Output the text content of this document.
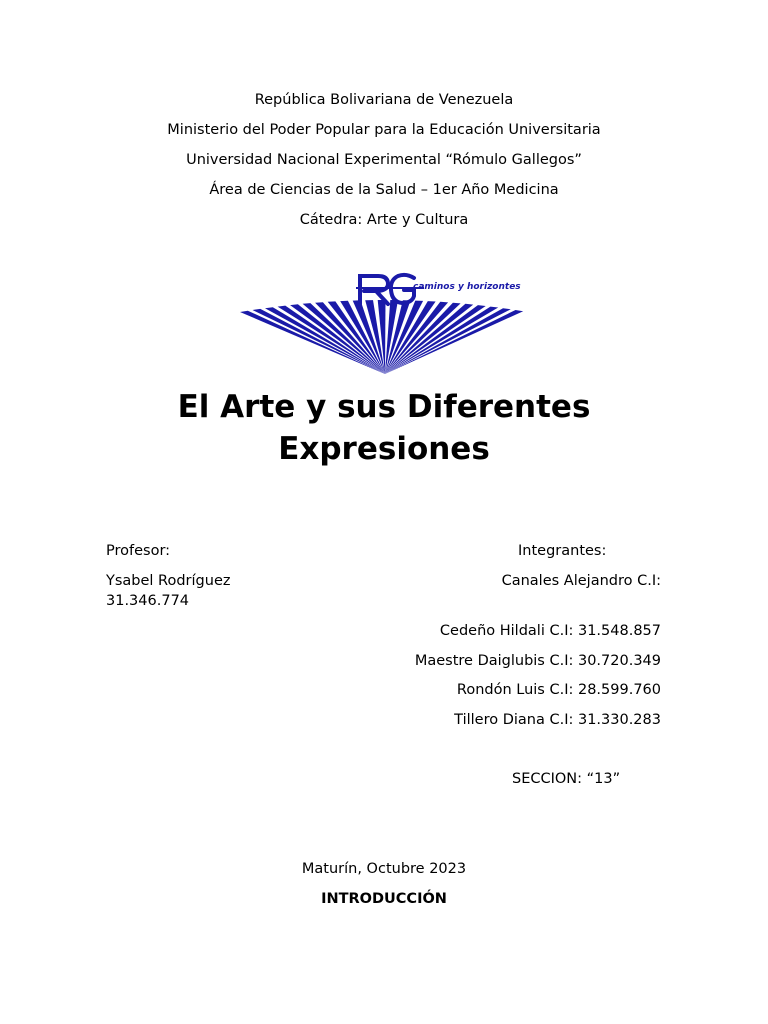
República Bolivariana de Venezuela
Ministerio del Poder Popular para la Educación Universitaria
Universidad Nacional Experimental “Rómulo Gallegos”
Área de Ciencias de la Salud – 1er Año Medicina
Cátedra: Arte y Cultura
caminos y horizontes
El Arte y sus Diferentes
Expresiones
Profesor:
Ysabel Rodríguez
31.346.774
Integrantes:
Canales Alejandro C.I:
Cedeño Hildali C.I: 31.548.857
Maestre Daiglubis C.I: 30.720.349
Rondón Luis C.I: 28.599.760
Tillero Diana C.I: 31.330.283
SECCION: “13”
Maturín, Octubre 2023
INTRODUCCIÓN
